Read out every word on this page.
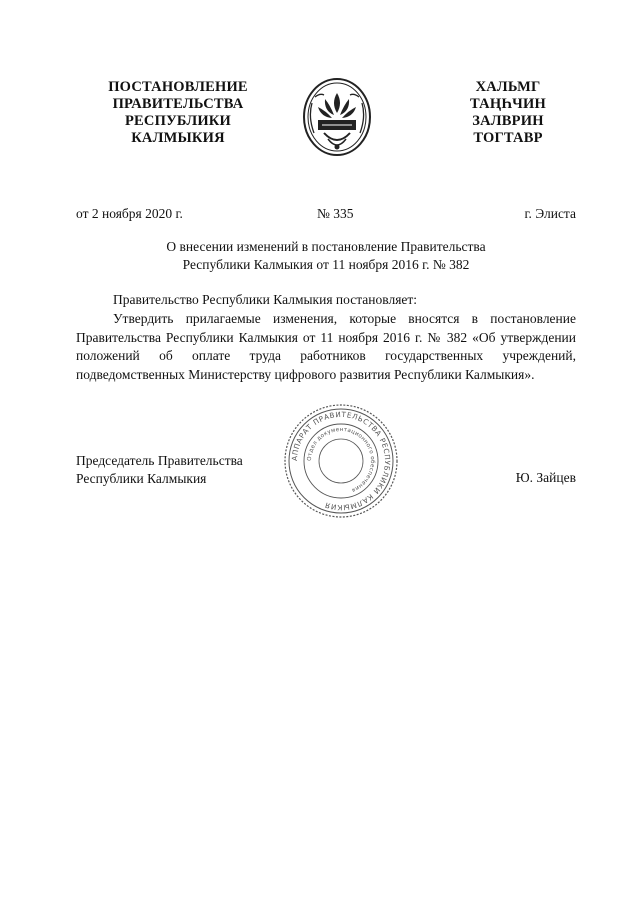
ПОСТАНОВЛЕНИЕ
ПРАВИТЕЛЬСТВА
РЕСПУБЛИКИ
КАЛМЫКИЯ
ХАЛЬМГ
ТАҢҺЧИН
ЗАЛВРИН
ТОГТАВР
от 2 ноября 2020 г.	№ 335	г. Элиста
О внесении изменений в постановление Правительства
Республики Калмыкия от 11 ноября 2016 г. № 382
Правительство Республики Калмыкия постановляет:
Утвердить прилагаемые изменения, которые вносятся в постановление Правительства Республики Калмыкия от 11 ноября 2016 г. № 382 «Об утверждении положений об оплате труда работников государственных учреждений, подведомственных Министерству цифрового развития Республики Калмыкия».
Председатель Правительства
Республики Калмыкия	Ю. Зайцев
АППАРАТ ПРАВИТЕЛЬСТВА РЕСПУБЛИКИ КАЛМЫКИЯ
Отдел документационного обеспечения
